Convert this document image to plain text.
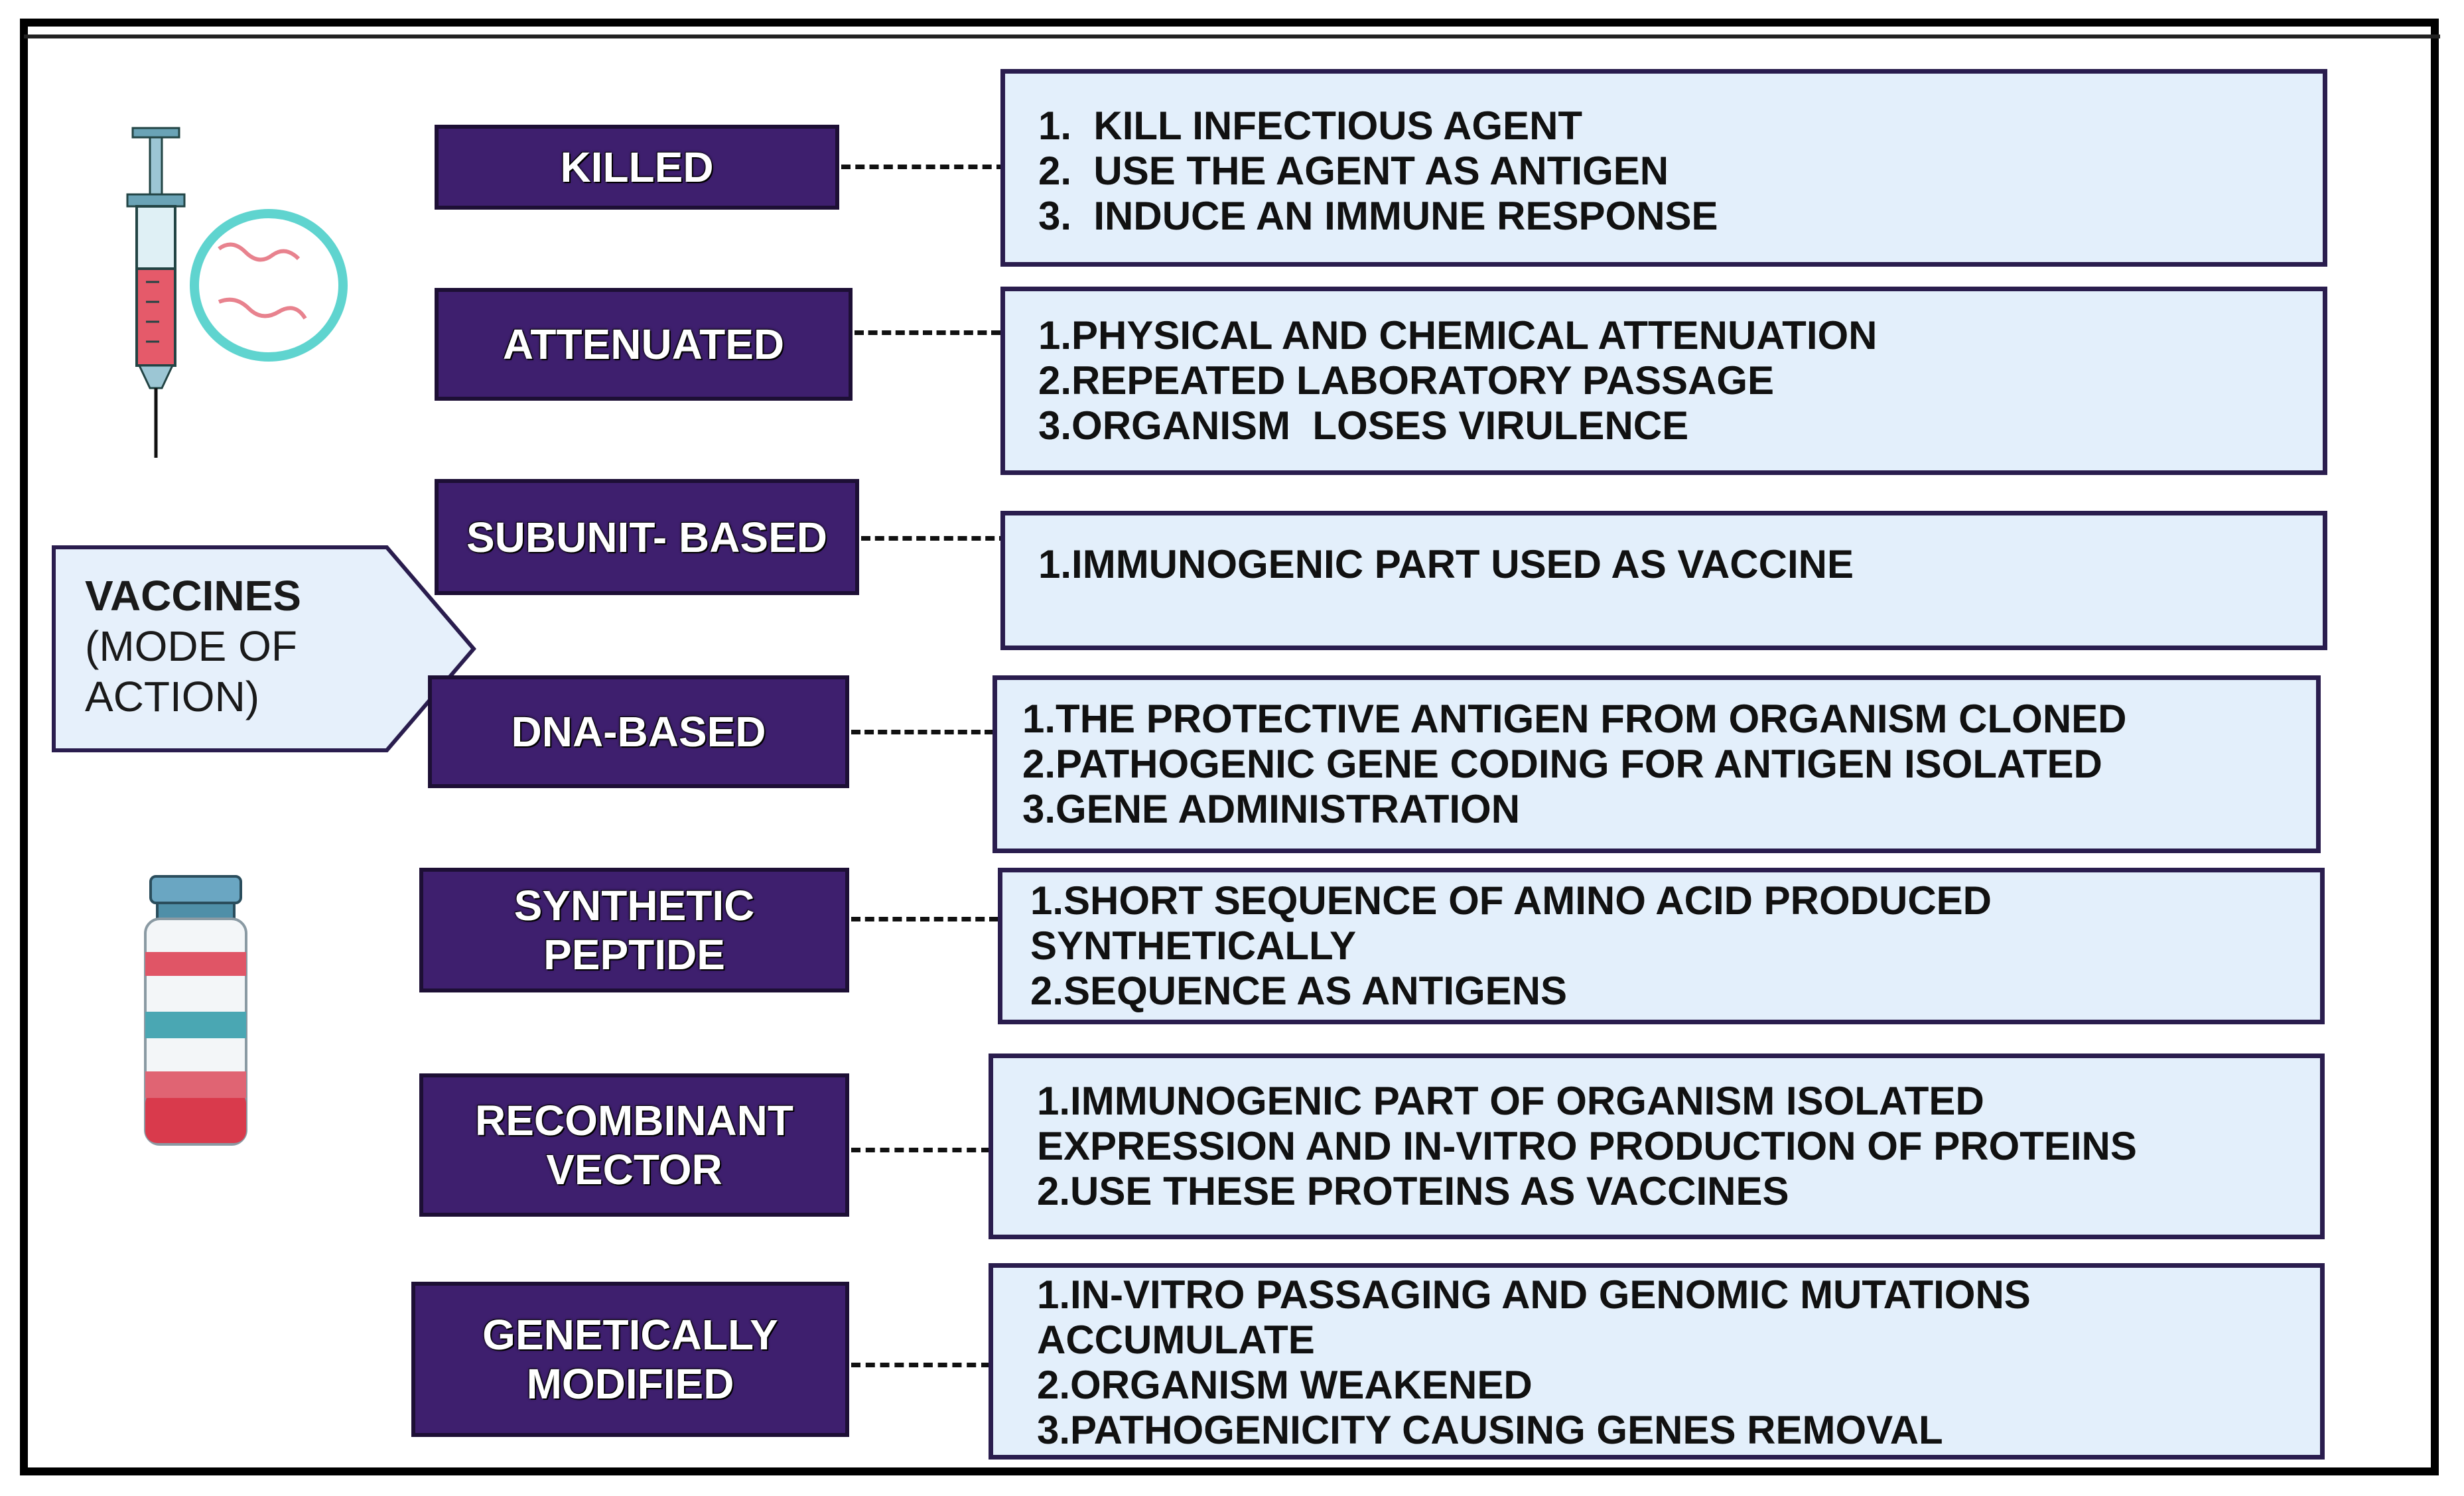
VACCINES
(MODE OF
ACTION)
KILLED
1.  KILL INFECTIOUS AGENT
2.  USE THE AGENT AS ANTIGEN
3.  INDUCE AN IMMUNE RESPONSE
ATTENUATED	1.PHYSICAL AND CHEMICAL ATTENUATION
2.REPEATED LABORATORY PASSAGE
3.ORGANISM  LOSES VIRULENCE
SUBUNIT- BASED
1.IMMUNOGENIC PART USED AS VACCINE
DNA-BASED	1.THE PROTECTIVE ANTIGEN FROM ORGANISM CLONED
2.PATHOGENIC GENE CODING FOR ANTIGEN ISOLATED
3.GENE ADMINISTRATION
SYNTHETIC
PEPTIDE
1.SHORT SEQUENCE OF AMINO ACID PRODUCED
SYNTHETICALLY
2.SEQUENCE AS ANTIGENS
RECOMBINANT
VECTOR
1.IMMUNOGENIC PART OF ORGANISM ISOLATED
EXPRESSION AND IN-VITRO PRODUCTION OF PROTEINS
2.USE THESE PROTEINS AS VACCINES
GENETICALLY
MODIFIED
1.IN-VITRO PASSAGING AND GENOMIC MUTATIONS
ACCUMULATE
2.ORGANISM WEAKENED
3.PATHOGENICITY CAUSING GENES REMOVAL
